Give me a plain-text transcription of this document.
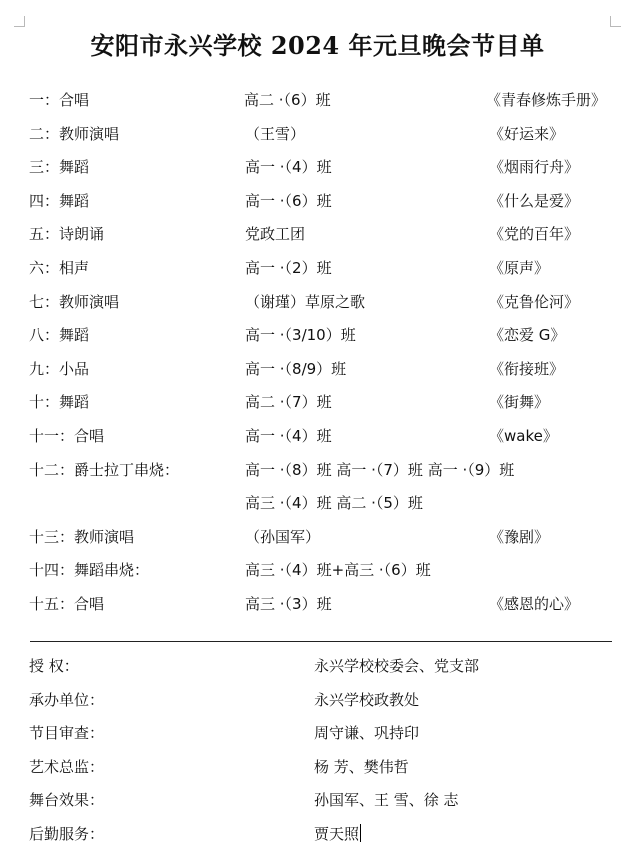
安阳市永兴学校 2024 年元旦晚会节目单
一：合唱	高二 ·（6）班	《青春修炼手册》
二：教师演唱	（王雪）	《好运来》
三：舞蹈	高一 ·（4）班	《烟雨行舟》
四：舞蹈	高一 ·（6）班	《什么是爱》
五：诗朗诵	党政工团	《党的百年》
六：相声	高一 ·（2）班	《原声》
七：教师演唱	（谢瑾）草原之歌	《克鲁伦河》
八：舞蹈	高一 ·（3/10）班	《恋爱 G》
九：小品	高一 ·（8/9）班	《衔接班》
十：舞蹈	高二 ·（7）班	《街舞》
十一：合唱	高一 ·（4）班	《wake》
十二：爵士拉丁串烧：	高一 ·（8）班 高一 ·（7）班 高一 ·（9）班
高三 ·（4）班 高二 ·（5）班
十三：教师演唱	（孙国军）	《豫剧》
十四：舞蹈串烧：	高三 ·（4）班+高三 ·（6）班
十五：合唱	高三 ·（3）班	《感恩的心》
授 权：	永兴学校校委会、党支部
承办单位：	永兴学校政教处
节目审查：	周守谦、巩持印
艺术总监：	杨 芳、樊伟哲
舞台效果：	孙国军、王 雪、徐 志
后勤服务：	贾天照
